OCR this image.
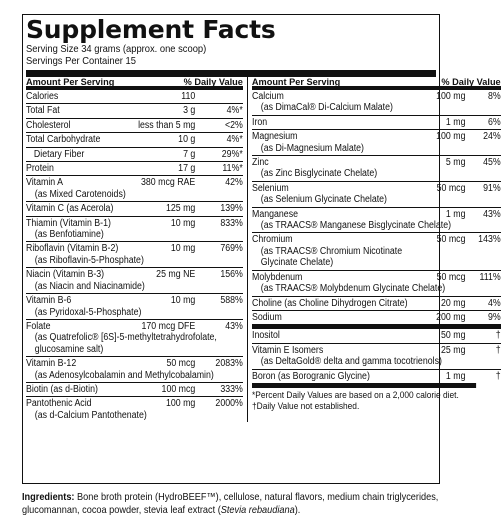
Supplement Facts
Serving Size 34 grams (approx. one scoop)
Servings Per Container 15
Amount Per Serving	% Daily Value
Calories	110
Total Fat	3 g	4%*
Cholesterol	less than 5 mg	<2%
Total Carbohydrate	10 g	4%*
Dietary Fiber	7 g	29%*
Protein	17 g	11%*
Vitamin A	380 mcg RAE	42%
(as Mixed Carotenoids)
Vitamin C (as Acerola)	125 mg	139%
Thiamin (Vitamin B-1)	10 mg	833%
(as Benfotiamine)
Riboflavin (Vitamin B-2)	10 mg	769%
(as Riboflavin-5-Phosphate)
Niacin (Vitamin B-3)	25 mg NE	156%
(as Niacin and Niacinamide)
Vitamin B-6	10 mg	588%
(as Pyridoxal-5-Phosphate)
Folate	170 mcg DFE	43%
(as Quatrefolic® [6S]-5-methyltetrahydrofolate,
glucosamine salt)
Vitamin B-12	50 mcg	2083%
(as Adenosylcobalamin and Methylcobalamin)
Biotin (as d-Biotin)	100 mcg	333%
Pantothenic Acid	100 mg	2000%
(as d-Calcium Pantothenate)
Amount Per Serving	% Daily Value
Calcium	100 mg	8%
(as DimaCal® Di-Calcium Malate)
Iron	1 mg	6%
Magnesium	100 mg	24%
(as Di-Magnesium Malate)
Zinc	5 mg	45%
(as Zinc Bisglycinate Chelate)
Selenium	50 mcg	91%
(as Selenium Glycinate Chelate)
Manganese	1 mg	43%
(as TRAACS® Manganese Bisglycinate Chelate)
Chromium	50 mcg	143%
(as TRAACS® Chromium Nicotinate
Glycinate Chelate)
Molybdenum	50 mcg	111%
(as TRAACS® Molybdenum Glycinate Chelate)
Choline (as Choline Dihydrogen Citrate)	20 mg	4%
Sodium	200 mg	9%
Inositol	50 mg	†
Vitamin E Isomers	25 mg	†
(as DeltaGold® delta and gamma tocotrienols)
Boron (as Borogranic Glycine)	1 mg	†
*Percent Daily Values are based on a 2,000 calorie diet.
†Daily Value not established.
Ingredients: Bone broth protein (HydroBEEF™), cellulose, natural flavors, medium chain triglycerides,
glucomannan, cocoa powder, stevia leaf extract (Stevia rebaudiana).
